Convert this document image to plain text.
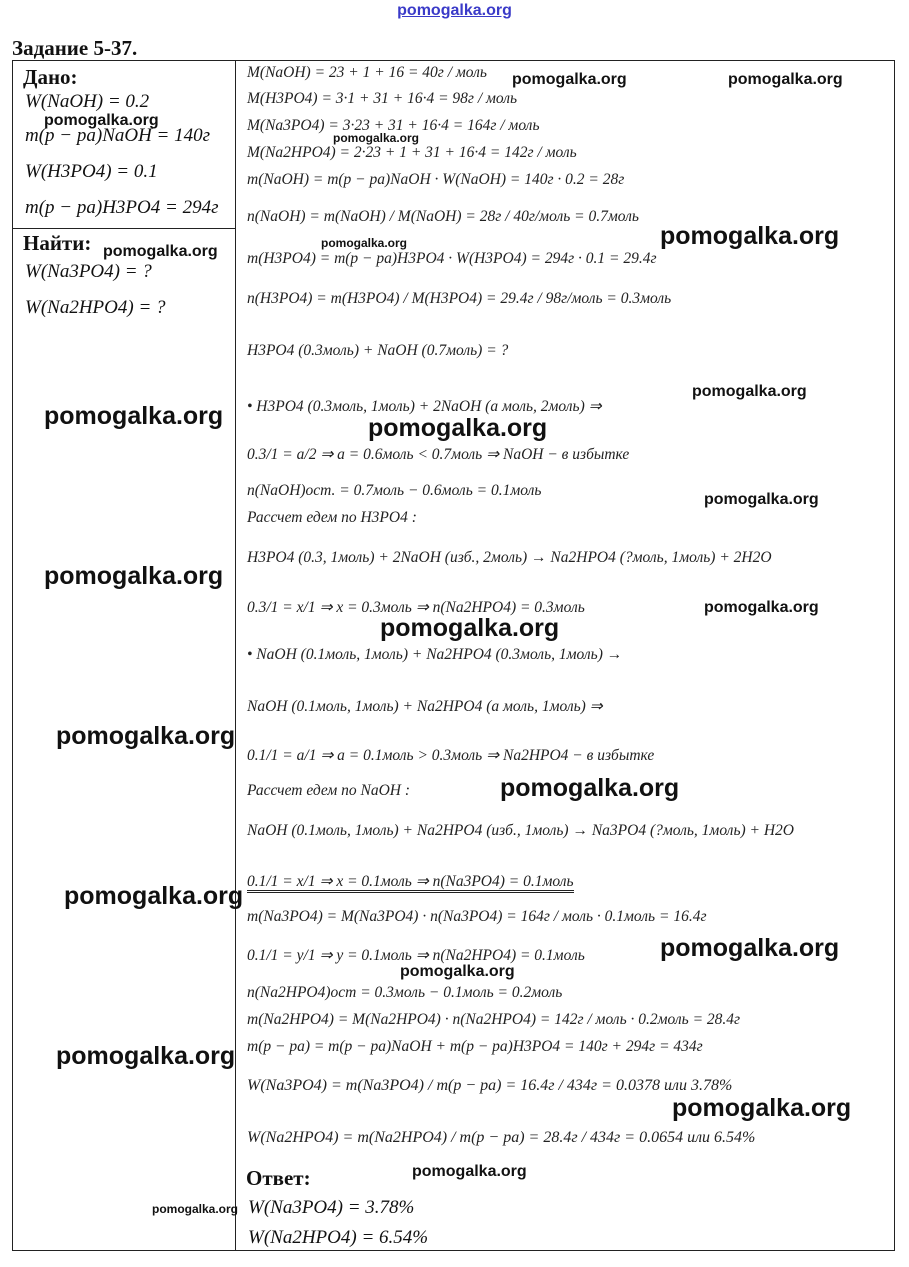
pomogalka.org
Задание 5-37.
Дано:
W(NaOH) = 0.2
m(p − pa)NaOH = 140г
W(H3PO4) = 0.1
m(p − pa)H3PO4 = 294г
Найти:
W(Na3PO4) = ?
W(Na2HPO4) = ?
Ответ:
W(Na3PO4) = 3.78%
W(Na2HPO4) = 6.54%
M(NaOH) = 23 + 1 + 16 = 40г / моль
M(H3PO4) = 3·1 + 31 + 16·4 = 98г / моль
M(Na3PO4) = 3·23 + 31 + 16·4 = 164г / моль
M(Na2HPO4) = 2·23 + 1 + 31 + 16·4 = 142г / моль
m(NaOH) = m(p − pa)NaOH · W(NaOH) = 140г · 0.2 = 28г
n(NaOH) = m(NaOH) / M(NaOH) = 28г / 40г/моль = 0.7моль
m(H3PO4) = m(p − pa)H3PO4 · W(H3PO4) = 294г · 0.1 = 29.4г
n(H3PO4) = m(H3PO4) / M(H3PO4) = 29.4г / 98г/моль = 0.3моль
H3PO4 (0.3моль) + NaOH (0.7моль) = ?
• H3PO4 (0.3моль, 1моль) + 2NaOH (a моль, 2моль) ⇒
0.3/1 = a/2 ⇒ a = 0.6моль < 0.7моль ⇒ NaOH − в избытке
n(NaOH)ост. = 0.7моль − 0.6моль = 0.1моль
Рассчет едем по H3PO4 :
H3PO4 (0.3, 1моль) + 2NaOH (изб., 2моль) → Na2HPO4 (?моль, 1моль) + 2H2O
0.3/1 = x/1 ⇒ x = 0.3моль ⇒ n(Na2HPO4) = 0.3моль
• NaOH (0.1моль, 1моль) + Na2HPO4 (0.3моль, 1моль) →
NaOH (0.1моль, 1моль) + Na2HPO4 (a моль, 1моль) ⇒
0.1/1 = a/1 ⇒ a = 0.1моль > 0.3моль ⇒ Na2HPO4 − в избытке
Рассчет едем по NaOH :
NaOH (0.1моль, 1моль) + Na2HPO4 (изб., 1моль) → Na3PO4 (?моль, 1моль) + H2O
0.1/1 = x/1 ⇒ x = 0.1моль ⇒ n(Na3PO4) = 0.1моль
m(Na3PO4) = M(Na3PO4) · n(Na3PO4) = 164г / моль · 0.1моль = 16.4г
0.1/1 = y/1 ⇒ y = 0.1моль ⇒ n(Na2HPO4) = 0.1моль
n(Na2HPO4)ост = 0.3моль − 0.1моль = 0.2моль
m(Na2HPO4) = M(Na2HPO4) · n(Na2HPO4) = 142г / моль · 0.2моль = 28.4г
m(p − pa) = m(p − pa)NaOH + m(p − pa)H3PO4 = 140г + 294г = 434г
W(Na3PO4) = m(Na3PO4) / m(p − pa) = 16.4г / 434г = 0.0378 или 3.78%
W(Na2HPO4) = m(Na2HPO4) / m(p − pa) = 28.4г / 434г = 0.0654 или 6.54%
pomogalka.org	pomogalka.org
pomogalka.org
pomogalka.org
pomogalka.org
pomogalka.org
pomogalka.org
pomogalka.org
pomogalka.org	pomogalka.org
pomogalka.org
pomogalka.org
pomogalka.org
pomogalka.org
pomogalka.org
pomogalka.org
pomogalka.org
pomogalka.org
pomogalka.org
pomogalka.org
pomogalka.org
pomogalka.org
pomogalka.org
